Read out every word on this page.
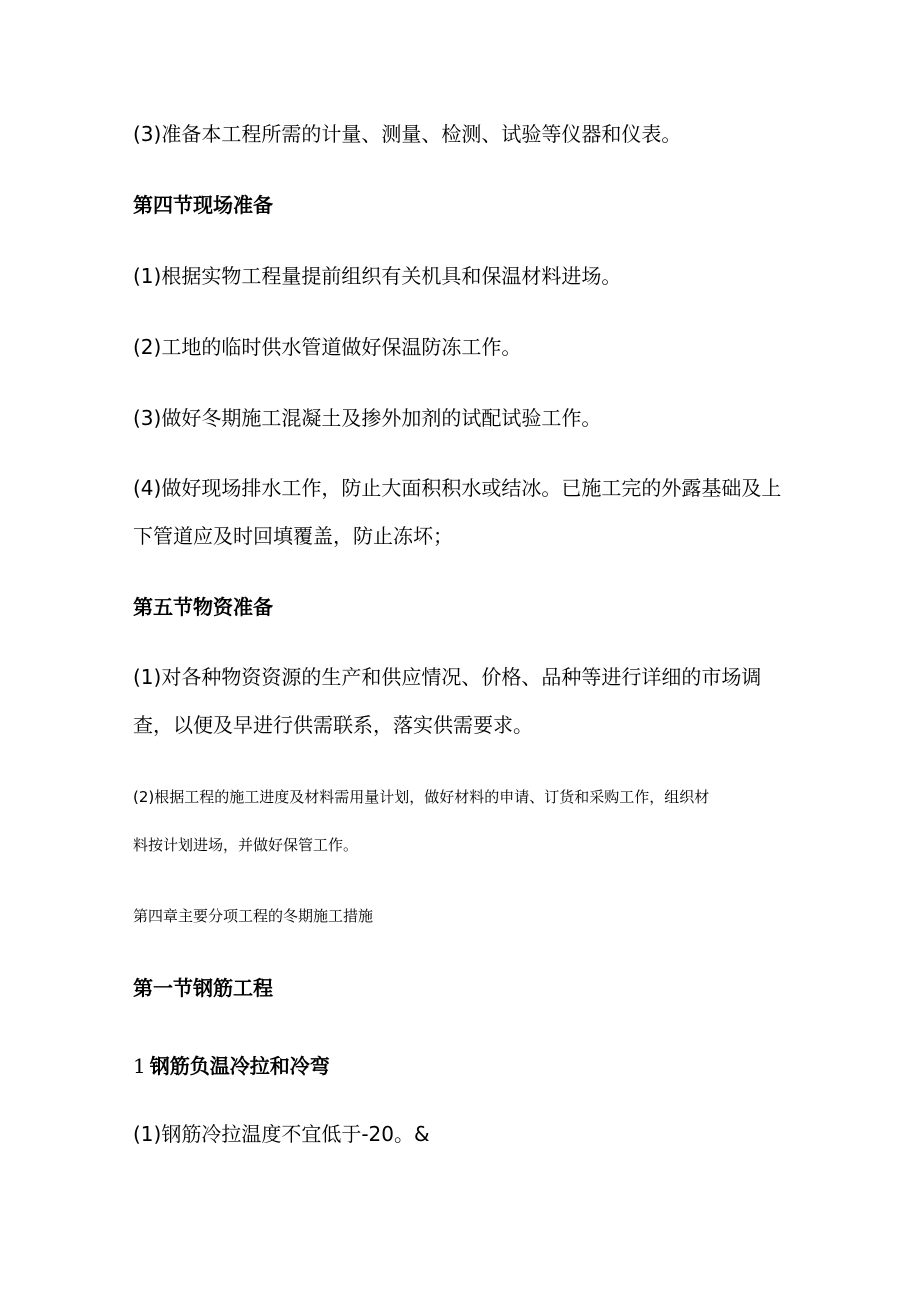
(3)准备本工程所需的计量、测量、检测、试验等仪器和仪表。

第四节现场准备

(1)根据实物工程量提前组织有关机具和保温材料进场。

(2)工地的临时供水管道做好保温防冻工作。

(3)做好冬期施工混凝土及掺外加剂的试配试验工作。

(4)做好现场排水工作，防止大面积积水或结冰。已施工完的外露基础及上

下管道应及时回填覆盖，防止冻坏；

第五节物资准备

(1)对各种物资资源的生产和供应情况、价格、品种等进行详细的市场调

查，以便及早进行供需联系，落实供需要求。

(2)根据工程的施工进度及材料需用量计划，做好材料的申请、订货和采购工作，组织材

料按计划进场，并做好保管工作。

第四章主要分项工程的冬期施工措施

第一节钢筋工程

1 钢筋负温冷拉和冷弯

(1)钢筋冷拉温度不宜低于-20。&
